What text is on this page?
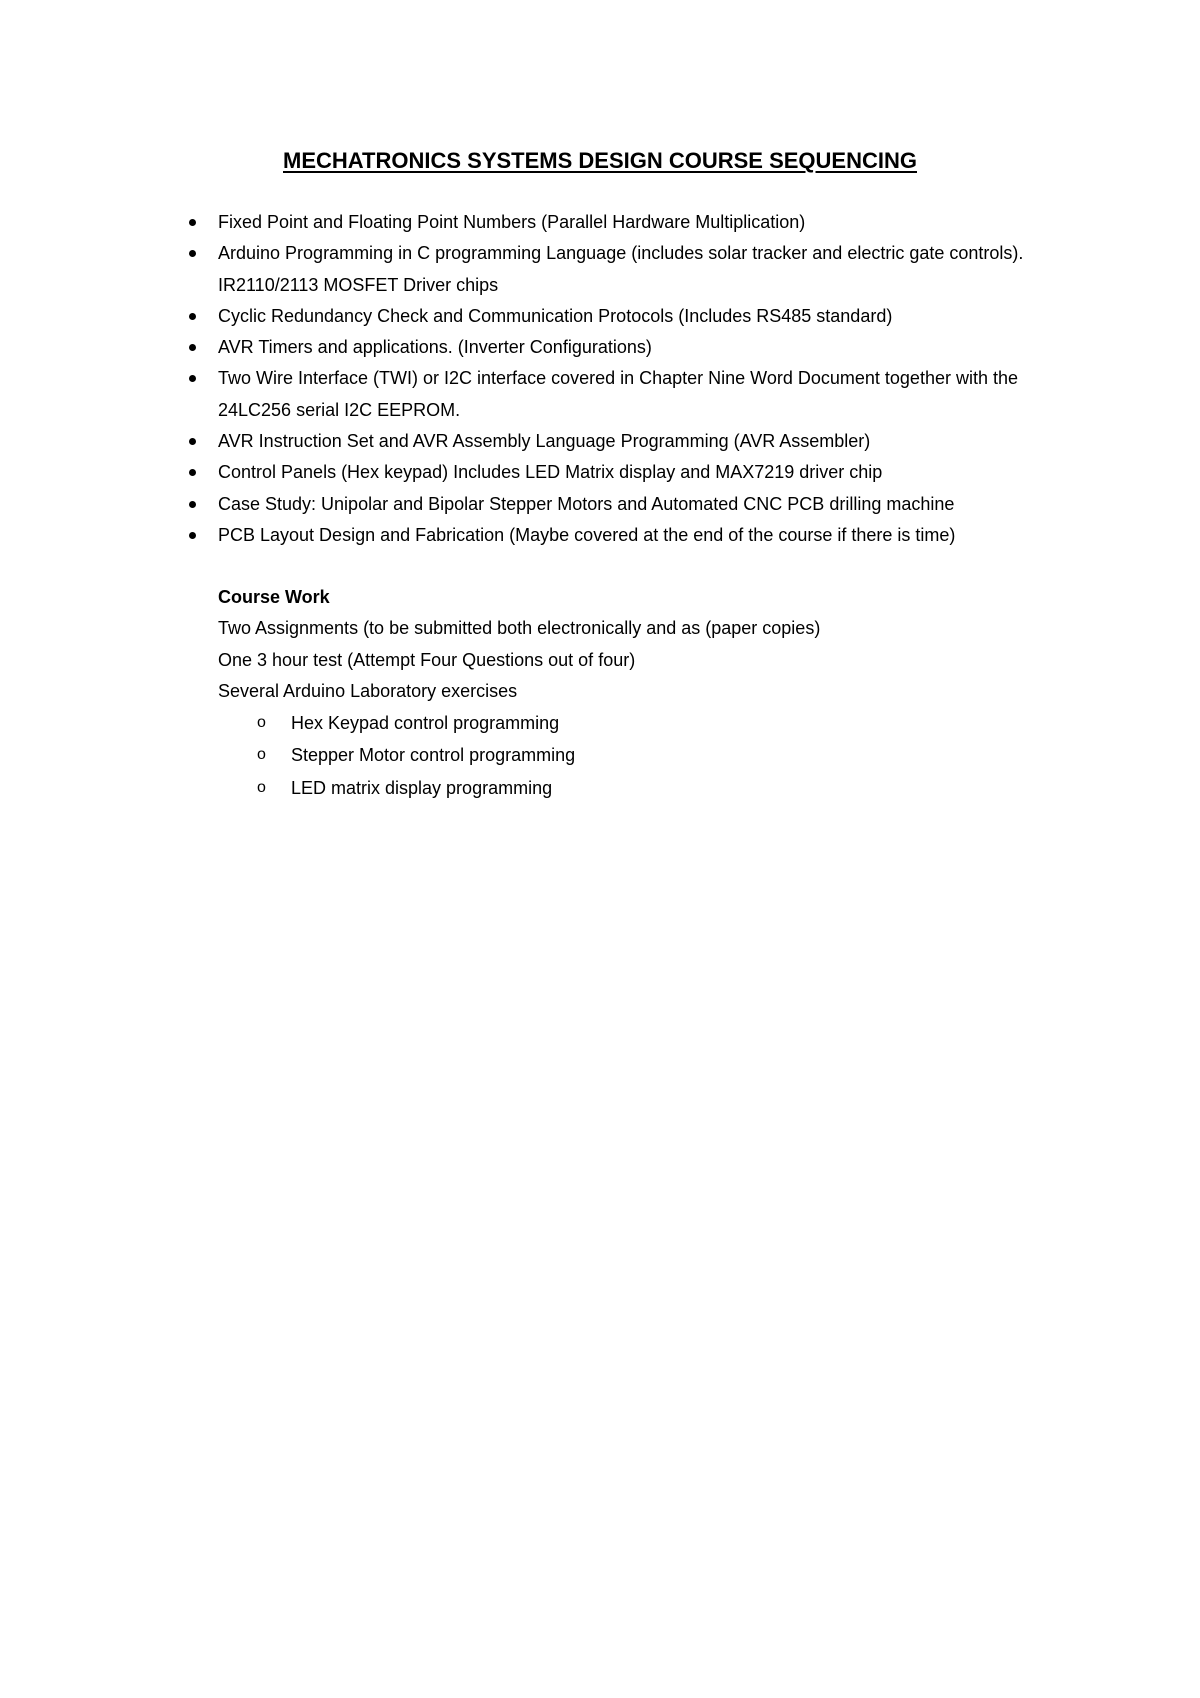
MECHATRONICS SYSTEMS DESIGN COURSE SEQUENCING
Fixed Point and Floating Point Numbers (Parallel Hardware Multiplication)
Arduino Programming in C programming Language (includes solar tracker and electric gate controls). IR2110/2113 MOSFET Driver chips
Cyclic Redundancy Check and Communication Protocols (Includes RS485 standard)
AVR Timers and applications. (Inverter Configurations)
Two Wire Interface (TWI) or I2C interface covered in Chapter Nine Word Document together with the 24LC256 serial I2C EEPROM.
AVR Instruction Set and AVR Assembly Language Programming (AVR Assembler)
Control Panels (Hex keypad) Includes LED Matrix display and MAX7219 driver chip
Case Study: Unipolar and Bipolar Stepper Motors and Automated CNC PCB drilling machine
PCB Layout Design and Fabrication (Maybe covered at the end of the course if there is time)
Course Work
Two Assignments (to be submitted both electronically and as (paper copies)
One 3 hour test (Attempt Four Questions out of four)
Several Arduino Laboratory exercises
o Hex Keypad control programming
o Stepper Motor control programming
o LED matrix display programming
